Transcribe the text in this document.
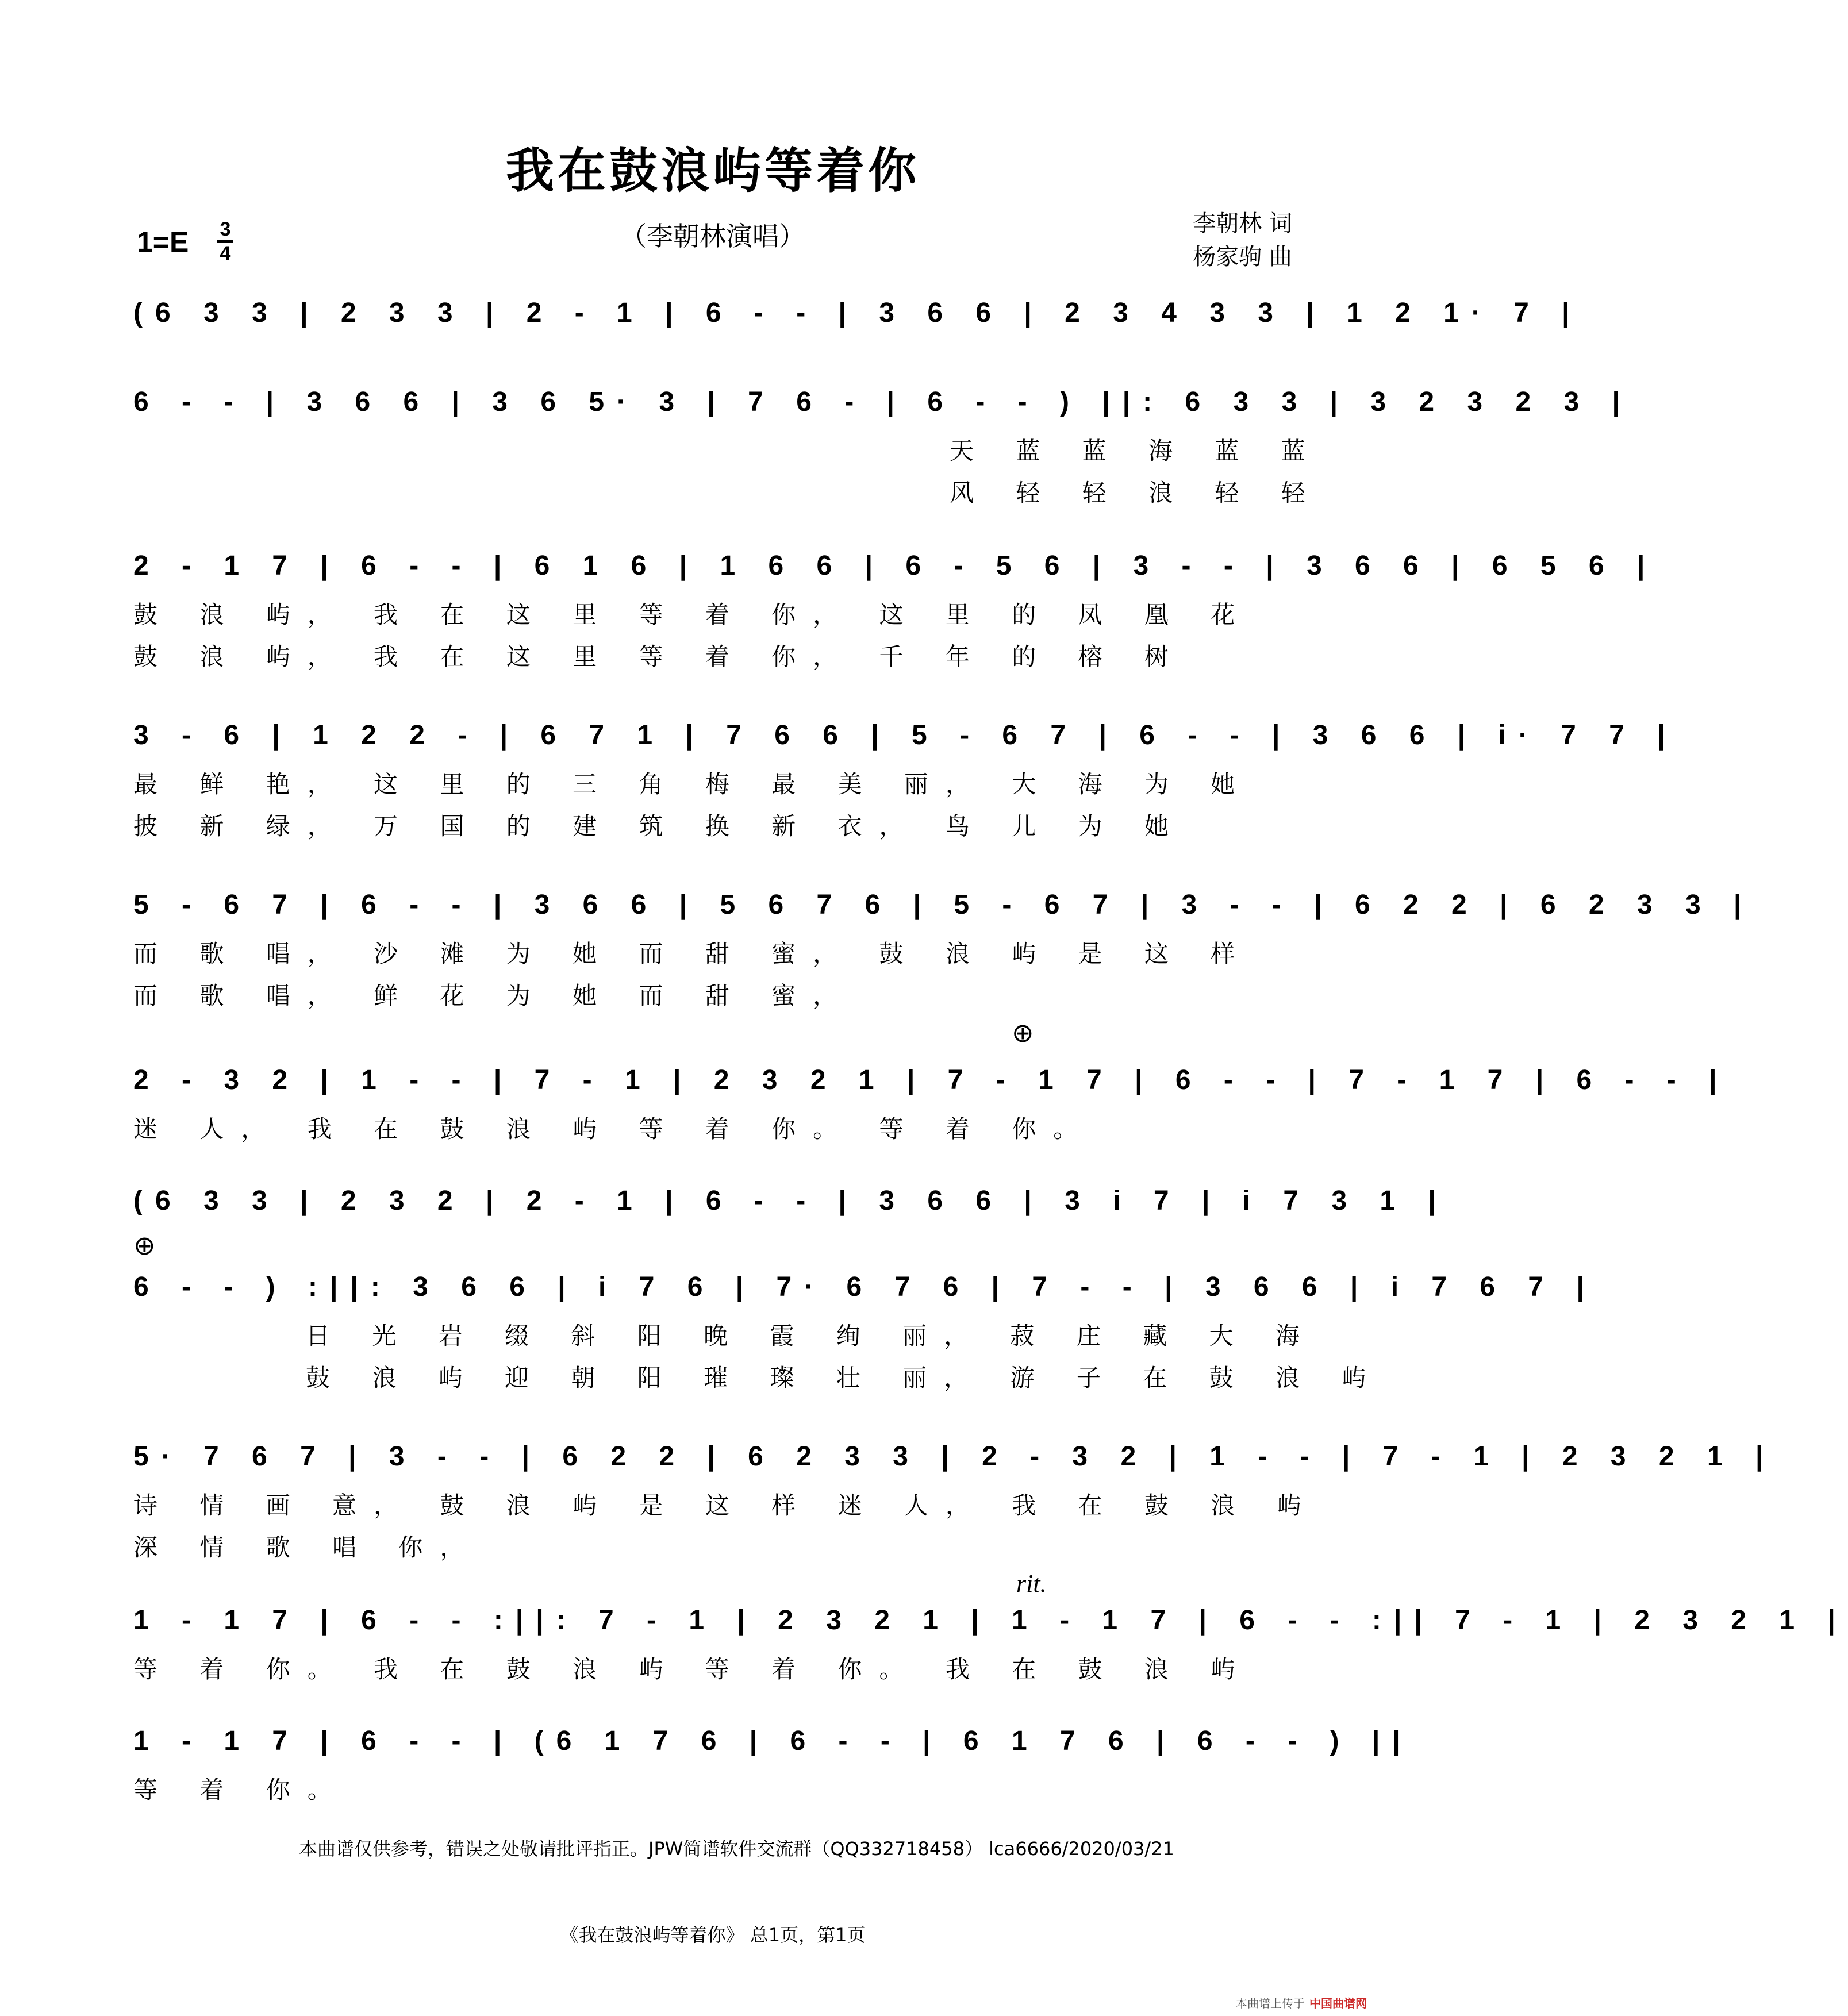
我在鼓浪屿等着你
（李朝林演唱）
1=E 3
4
李朝林 词
杨家驹 曲
(6 3 3 | 2 3 3 | 2 - 1 | 6 - - | 3 6 6 | 2 3 4 3 3 | 1 2 1· 7 |
6 - - | 3 6 6 | 3 6 5· 3 | 7 6 - | 6 - - ) ||: 6 3 3 | 3 2 3 2 3 |
天 蓝 蓝 海 蓝 蓝
风 轻 轻 浪 轻 轻
2 - 1 7 | 6 - - | 6 1 6 | 1 6 6 | 6 - 5 6 | 3 - - | 3 6 6 | 6 5 6 |
鼓 浪 屿， 我 在 这 里 等 着 你， 这 里 的 凤 凰 花
鼓 浪 屿， 我 在 这 里 等 着 你， 千 年 的 榕 树
3 - 6 | 1 2 2 - | 6 7 1 | 7 6 6 | 5 - 6 7 | 6 - - | 3 6 6 | i· 7 7 |
最 鲜 艳， 这 里 的 三 角 梅 最 美 丽， 大 海 为 她
披 新 绿， 万 国 的 建 筑 换 新 衣， 鸟 儿 为 她
5 - 6 7 | 6 - - | 3 6 6 | 5 6 7 6 | 5 - 6 7 | 3 - - | 6 2 2 | 6 2 3 3 |
而 歌 唱， 沙 滩 为 她 而 甜 蜜， 鼓 浪 屿 是 这 样
而 歌 唱， 鲜 花 为 她 而 甜 蜜，
⊕
2 - 3 2 | 1 - - | 7 - 1 | 2 3 2 1 | 7 - 1 7 | 6 - - | 7 - 1 7 | 6 - - |
迷 人， 我 在 鼓 浪 屿 等 着 你。 等 着 你。
(6 3 3 | 2 3 2 | 2 - 1 | 6 - - | 3 6 6 | 3 i 7 | i 7 3 1 |
⊕
6 - - ) :||: 3 6 6 | i 7 6 | 7· 6 7 6 | 7 - - | 3 6 6 | i 7 6 7 |
日 光 岩 缀 斜 阳 晚 霞 绚 丽， 菽 庄 藏 大 海
鼓 浪 屿 迎 朝 阳 璀 璨 壮 丽， 游 子 在 鼓 浪 屿
5· 7 6 7 | 3 - - | 6 2 2 | 6 2 3 3 | 2 - 3 2 | 1 - - | 7 - 1 | 2 3 2 1 |
诗 情 画 意， 鼓 浪 屿 是 这 样 迷 人， 我 在 鼓 浪 屿
深 情 歌 唱 你，
rit.
1 - 1 7 | 6 - - :||: 7 - 1 | 2 3 2 1 | 1 - 1 7 | 6 - - :|| 7 - 1 | 2 3 2 1 |
等 着 你。 我 在 鼓 浪 屿 等 着 你。 我 在 鼓 浪 屿
1 - 1 7 | 6 - - | (6 1 7 6 | 6 - - | 6 1 7 6 | 6 - - ) ||
等 着 你。
本曲谱仅供参考，错误之处敬请批评指正。JPW简谱软件交流群（QQ332718458） lca6666/2020/03/21
《我在鼓浪屿等着你》 总1页，第1页
本曲谱上传于 中国曲谱网
